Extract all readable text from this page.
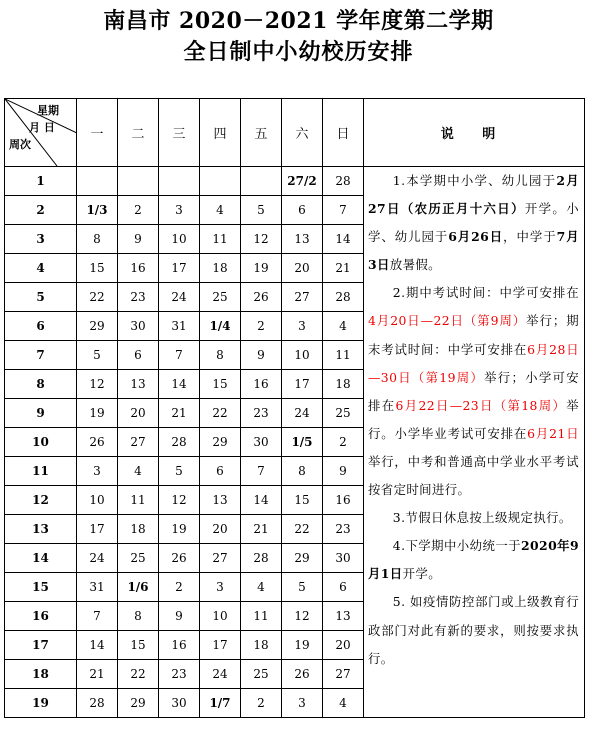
南昌市 2020－2021 学年度第二学期
全日制中小幼校历安排
星期
月 日
周次	一	二	三	四	五	六	日	说 明
1						27/2	28	1.本学期中小学、幼儿园于2月27日（农历正月十六日）开学。小学、幼儿园于6月26日，中学于7月3日放暑假。

2.期中考试时间：中学可安排在4月20日—22日（第9周）举行；期末考试时间：中学可安排在6月28日—30日（第19周）举行；小学可安排在6月22日—23日（第18周）举行。小学毕业考试可安排在6月21日举行，中考和普通高中学业水平考试按省定时间进行。

3.节假日休息按上级规定执行。

4.下学期中小幼统一于2020年9月1日开学。

5. 如疫情防控部门或上级教育行政部门对此有新的要求，则按要求执行。

2	1/3	2	3	4	5	6	7	
3	8	9	10	11	12	13	14	
4	15	16	17	18	19	20	21	
5	22	23	24	25	26	27	28	
6	29	30	31	1/4	2	3	4	
7	5	6	7	8	9	10	11	
8	12	13	14	15	16	17	18	
9	19	20	21	22	23	24	25	
10	26	27	28	29	30	1/5	2	
11	3	4	5	6	7	8	9	
12	10	11	12	13	14	15	16	
13	17	18	19	20	21	22	23	
14	24	25	26	27	28	29	30	
15	31	1/6	2	3	4	5	6	
16	7	8	9	10	11	12	13	
17	14	15	16	17	18	19	20	
18	21	22	23	24	25	26	27	
19	28	29	30	1/7	2	3	4	
